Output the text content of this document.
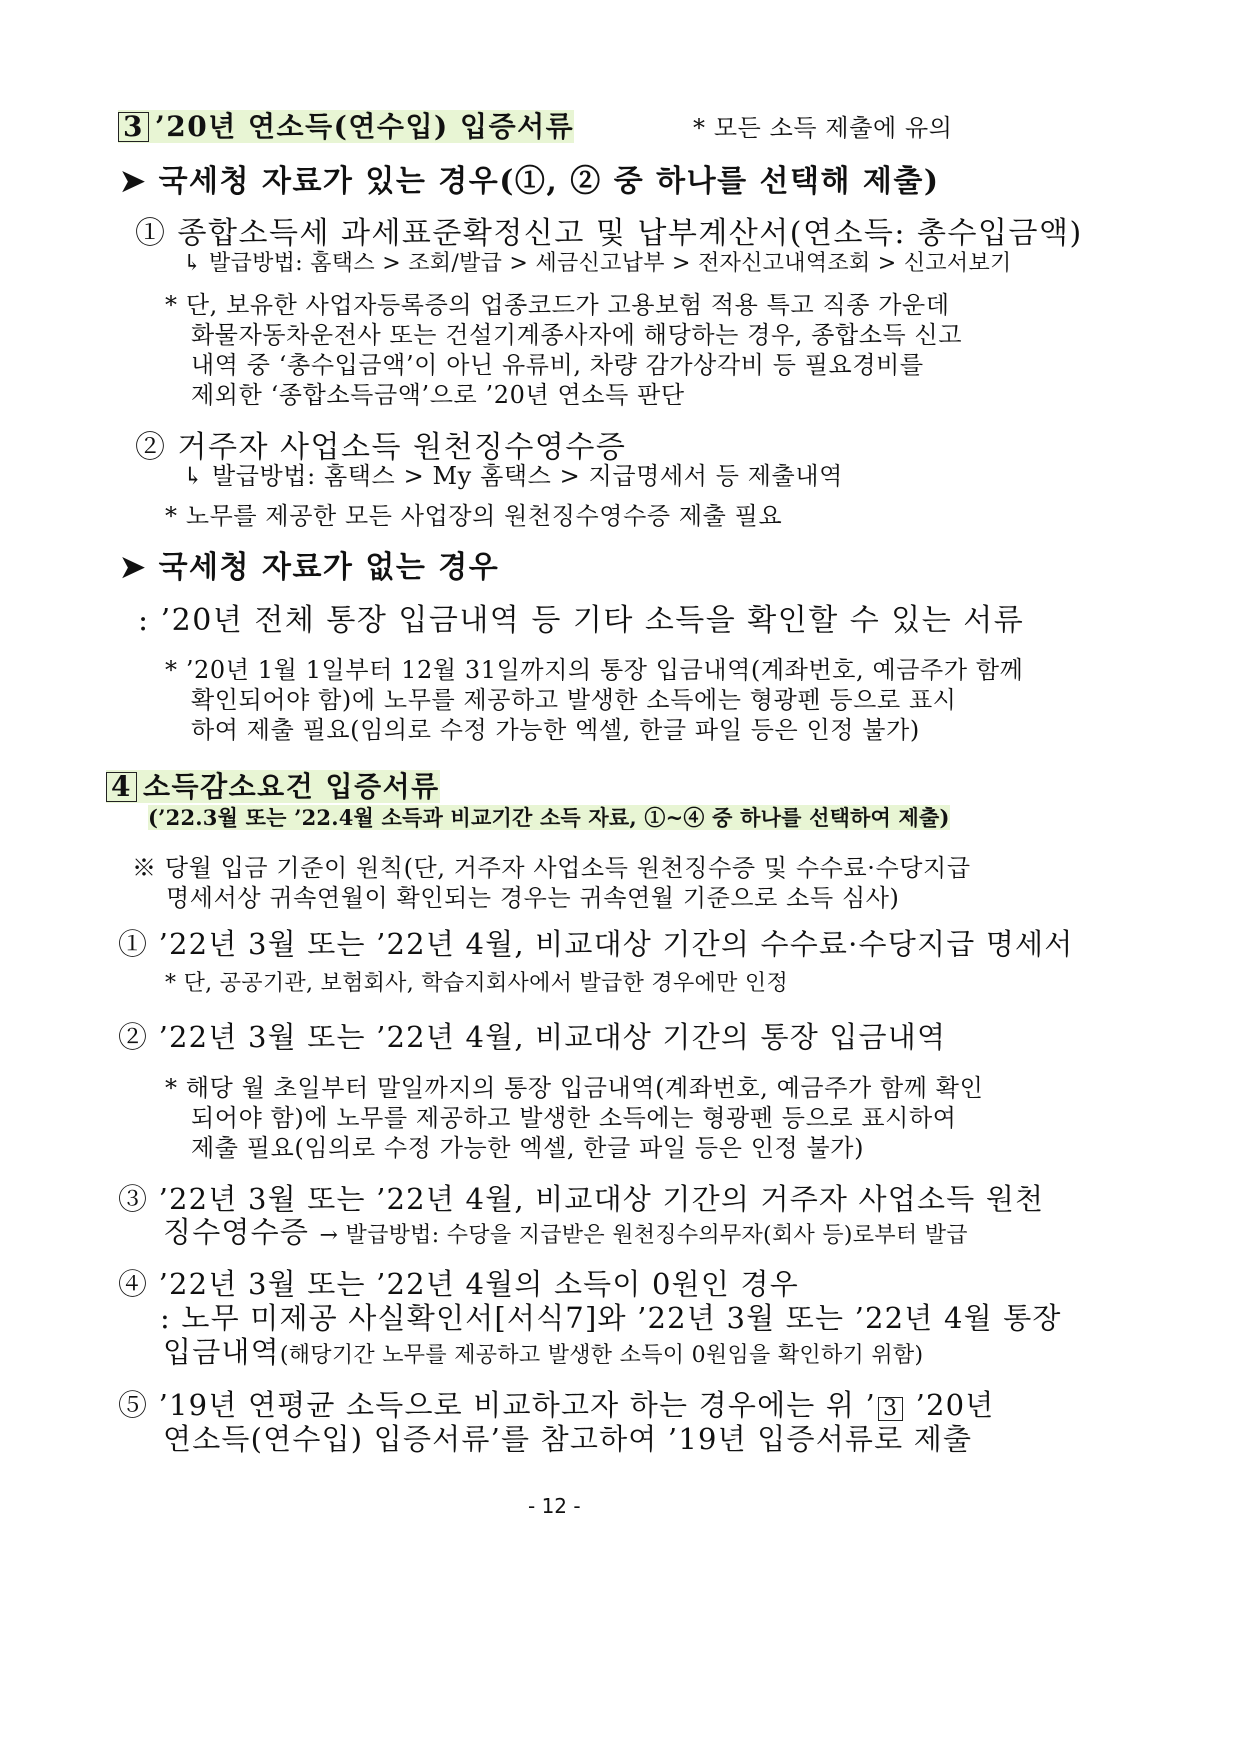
3 ’20년 연소득(연수입) 입증서류	* 모든 소득 제출에 유의
➤ 국세청 자료가 있는 경우(①, ② 중 하나를 선택해 제출)
① 종합소득세 과세표준확정신고 및 납부계산서(연소득: 총수입금액)
↳ 발급방법: 홈택스 > 조회/발급 > 세금신고납부 > 전자신고내역조회 > 신고서보기
* 단, 보유한 사업자등록증의 업종코드가 고용보험 적용 특고 직종 가운데
화물자동차운전사 또는 건설기계종사자에 해당하는 경우, 종합소득 신고
내역 중 ‘총수입금액’이 아닌 유류비, 차량 감가상각비 등 필요경비를
제외한 ‘종합소득금액’으로 ’20년 연소득 판단
② 거주자 사업소득 원천징수영수증
↳ 발급방법: 홈택스 > My 홈택스 > 지급명세서 등 제출내역
* 노무를 제공한 모든 사업장의 원천징수영수증 제출 필요
➤ 국세청 자료가 없는 경우
: ’20년 전체 통장 입금내역 등 기타 소득을 확인할 수 있는 서류
* ’20년 1월 1일부터 12월 31일까지의 통장 입금내역(계좌번호, 예금주가 함께
확인되어야 함)에 노무를 제공하고 발생한 소득에는 형광펜 등으로 표시
하여 제출 필요(임의로 수정 가능한 엑셀, 한글 파일 등은 인정 불가)
4 소득감소요건 입증서류
(’22.3월 또는 ’22.4월 소득과 비교기간 소득 자료, ①~④ 중 하나를 선택하여 제출)
※ 당월 입금 기준이 원칙(단, 거주자 사업소득 원천징수증 및 수수료·수당지급
명세서상 귀속연월이 확인되는 경우는 귀속연월 기준으로 소득 심사)
① ’22년 3월 또는 ’22년 4월, 비교대상 기간의 수수료·수당지급 명세서
* 단, 공공기관, 보험회사, 학습지회사에서 발급한 경우에만 인정
② ’22년 3월 또는 ’22년 4월, 비교대상 기간의 통장 입금내역
* 해당 월 초일부터 말일까지의 통장 입금내역(계좌번호, 예금주가 함께 확인
되어야 함)에 노무를 제공하고 발생한 소득에는 형광펜 등으로 표시하여
제출 필요(임의로 수정 가능한 엑셀, 한글 파일 등은 인정 불가)
③ ’22년 3월 또는 ’22년 4월, 비교대상 기간의 거주자 사업소득 원천
징수영수증 → 발급방법: 수당을 지급받은 원천징수의무자(회사 등)로부터 발급
④ ’22년 3월 또는 ’22년 4월의 소득이 0원인 경우
: 노무 미제공 사실확인서[서식7]와 ’22년 3월 또는 ’22년 4월 통장
입금내역(해당기간 노무를 제공하고 발생한 소득이 0원임을 확인하기 위함)
⑤ ’19년 연평균 소득으로 비교하고자 하는 경우에는 위 ’ 3 ’20년
연소득(연수입) 입증서류’를 참고하여 ’19년 입증서류로 제출
- 12 -
